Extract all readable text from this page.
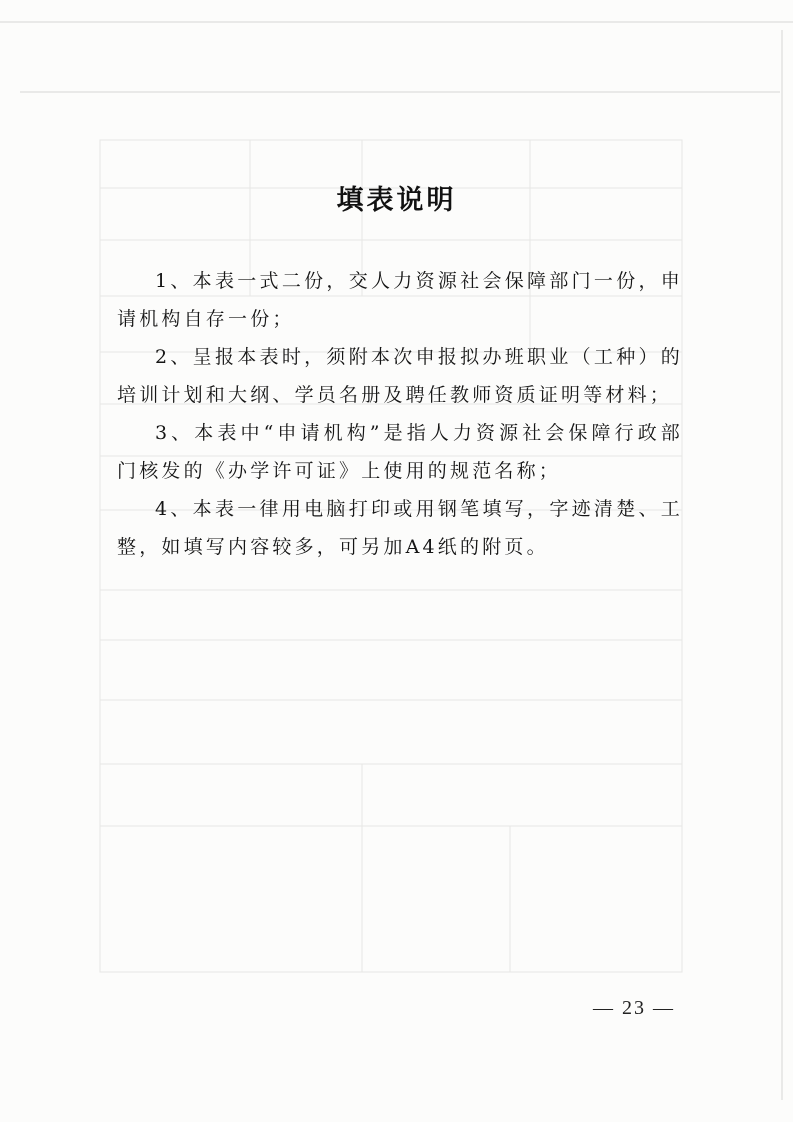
填表说明

1、本表一式二份，交人力资源社会保障部门一份，申请机构自存一份；

2、呈报本表时，须附本次申报拟办班职业（工种）的培训计划和大纲、学员名册及聘任教师资质证明等材料；

3、本表中“申请机构”是指人力资源社会保障行政部门核发的《办学许可证》上使用的规范名称；

4、本表一律用电脑打印或用钢笔填写，字迹清楚、工整，如填写内容较多，可另加A4纸的附页。

— 23 —
